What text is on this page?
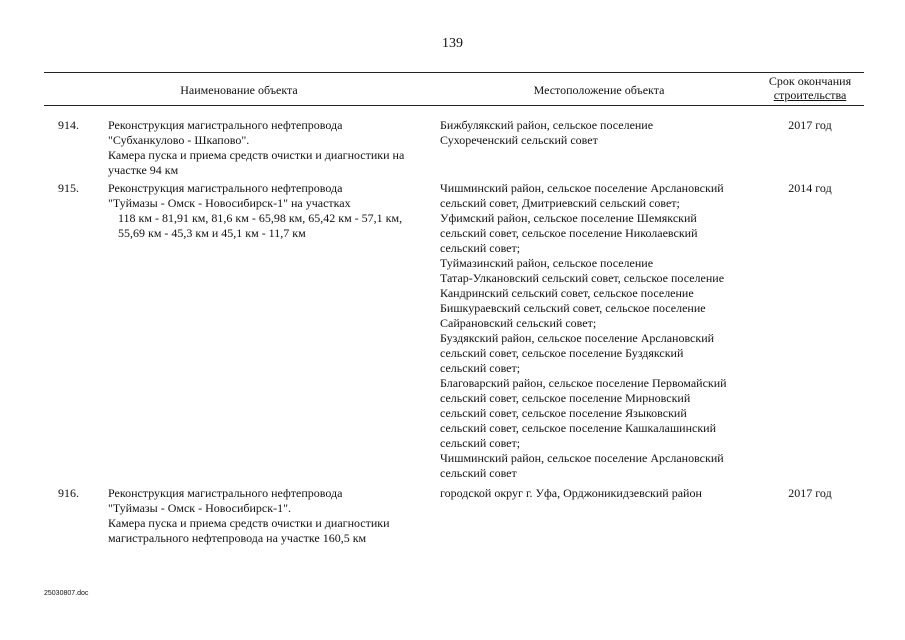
139
Наименование объекта	Местоположение объекта
Срок окончания
строительства
914. Реконструкция магистрального нефтепровода
"Субханкулово - Шкапово".
Камера пуска и приема средств очистки и диагностики на
участке 94 км
Бижбулякский район, сельское поселение
Сухореченский сельский совет
2017 год
915. Реконструкция магистрального нефтепровода
"Туймазы - Омск - Новосибирск-1" на участках
118 км - 81,91 км, 81,6 км - 65,98 км, 65,42 км - 57,1 км,
55,69 км - 45,3 км и 45,1 км - 11,7 км
Чишминский район, сельское поселение Арслановский
сельский совет, Дмитриевский сельский совет;
Уфимский район, сельское поселение Шемякский
сельский совет, сельское поселение Николаевский
сельский совет;
Туймазинский район, сельское поселение
Татар-Улкановский сельский совет, сельское поселение
Кандринский сельский совет, сельское поселение
Бишкураевский сельский совет, сельское поселение
Сайрановский сельский совет;
Буздякский район, сельское поселение Арслановский
сельский совет, сельское поселение Буздякский
сельский совет;
Благоварский район, сельское поселение Первомайский
сельский совет, сельское поселение Мирновский
сельский совет, сельское поселение Языковский
сельский совет, сельское поселение Кашкалашинский
сельский совет;
Чишминский район, сельское поселение Арслановский
сельский совет
2014 год
916. Реконструкция магистрального нефтепровода
"Туймазы - Омск - Новосибирск-1".
Камера пуска и приема средств очистки и диагностики
магистрального нефтепровода на участке 160,5 км
городской округ г. Уфа, Орджоникидзевский район	2017 год
25030807.doc
